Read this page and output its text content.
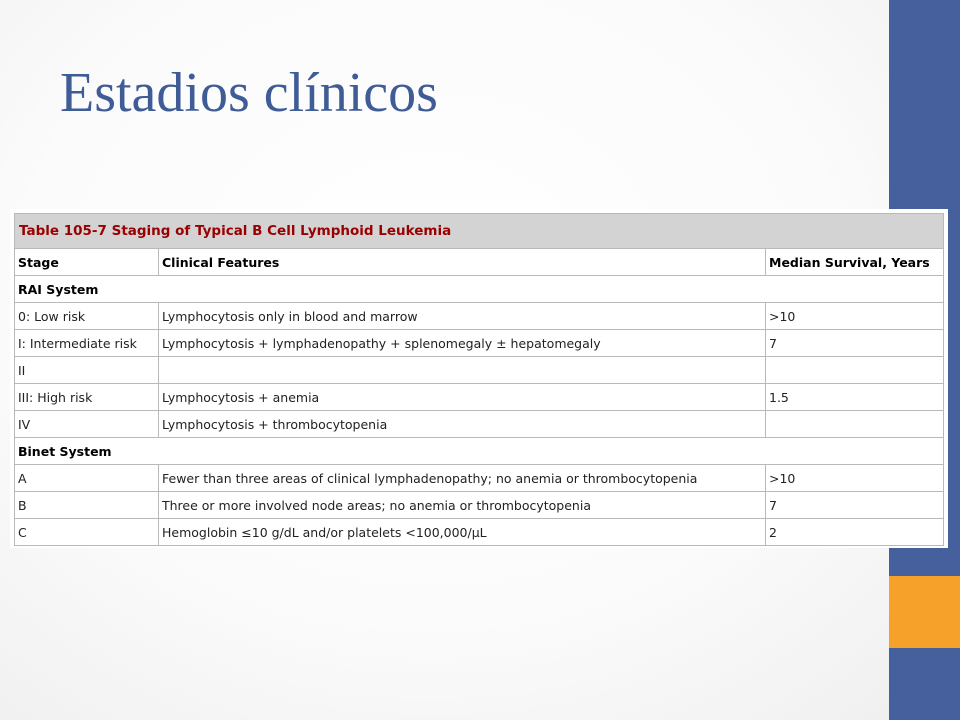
Estadios clínicos
Table 105-7 Staging of Typical B Cell Lymphoid Leukemia		
Stage	Clinical Features	Median Survival, Years
RAI System		
0: Low risk	Lymphocytosis only in blood and marrow	>10
I: Intermediate risk	Lymphocytosis + lymphadenopathy + splenomegaly ± hepatomegaly	7
II		
III: High risk	Lymphocytosis + anemia	1.5
IV	Lymphocytosis + thrombocytopenia	
Binet System		
A	Fewer than three areas of clinical lymphadenopathy; no anemia or thrombocytopenia	>10
B	Three or more involved node areas; no anemia or thrombocytopenia	7
C	Hemoglobin ≤10 g/dL and/or platelets <100,000/µL	2
